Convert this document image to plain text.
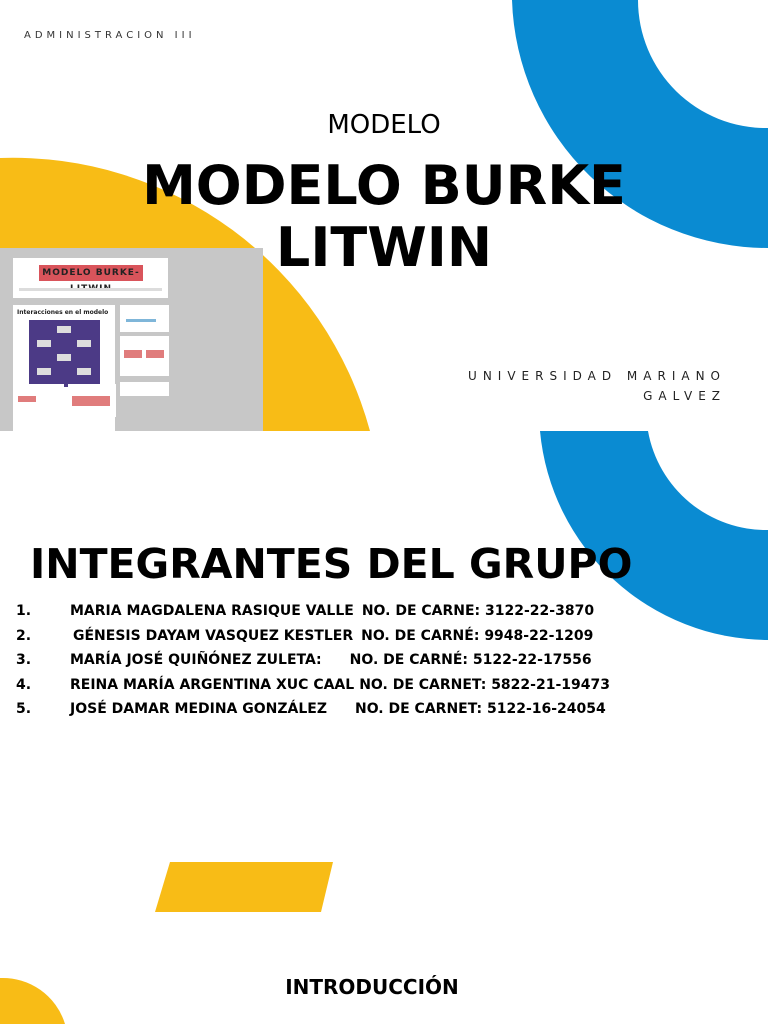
ADMINISTRACION III
MODELO
MODELO BURKE
LITWIN
MODELO BURKE-
Interacciones en el modelo
UNIVERSIDAD MARIANO
GALVEZ
INTEGRANTES DEL GRUPO
1.	MARIA MAGDALENA RASIQUE VALLE NO. DE CARNE: 3122-22-3870
2.	GÉNESIS DAYAM VASQUEZ KESTLER NO. DE CARNÉ: 9948-22-1209
3.	MARÍA JOSÉ QUIÑÓNEZ ZULETA: NO. DE CARNÉ: 5122-22-17556
4.	REINA MARÍA ARGENTINA XUC CAAL NO. DE CARNET: 5822-21-19473
5.	JOSÉ DAMAR MEDINA GONZÁLEZ NO. DE CARNET: 5122-16-24054
INTRODUCCIÓN
